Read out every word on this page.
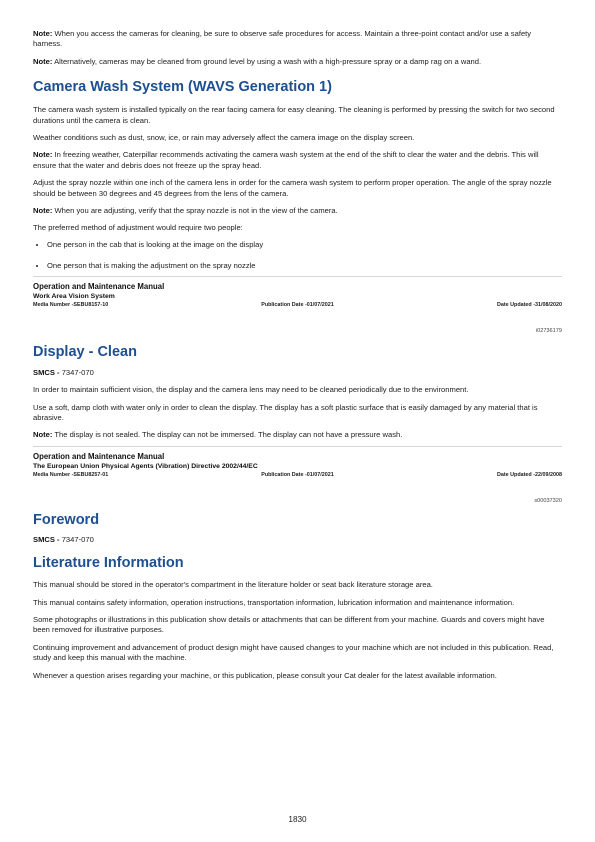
Note: When you access the cameras for cleaning, be sure to observe safe procedures for access. Maintain a three-point contact and/or use a safety harness.

Note: Alternatively, cameras may be cleaned from ground level by using a wash with a high-pressure spray or a damp rag on a wand.

Camera Wash System (WAVS Generation 1)

The camera wash system is installed typically on the rear facing camera for easy cleaning. The cleaning is performed by pressing the switch for two second durations until the camera is clean.

Weather conditions such as dust, snow, ice, or rain may adversely affect the camera image on the display screen.

Note: In freezing weather, Caterpillar recommends activating the camera wash system at the end of the shift to clear the water and the debris. This will ensure that the water and debris does not freeze up the spray head.

Adjust the spray nozzle within one inch of the camera lens in order for the camera wash system to perform proper operation. The angle of the spray nozzle should be between 30 degrees and 45 degrees from the lens of the camera.

Note: When you are adjusting, verify that the spray nozzle is not in the view of the camera.

The preferred method of adjustment would require two people:

• One person in the cab that is looking at the image on the display
• One person that is making the adjustment on the spray nozzle
Operation and Maintenance Manual
Work Area Vision System
Media Number -SEBU8157-10	Publication Date -01/07/2021	Date Updated -31/08/2020
i02736179
Display - Clean

SMCS - 7347-070

In order to maintain sufficient vision, the display and the camera lens may need to be cleaned periodically due to the environment.

Use a soft, damp cloth with water only in order to clean the display. The display has a soft plastic surface that is easily damaged by any material that is abrasive.

Note: The display is not sealed. The display can not be immersed. The display can not have a pressure wash.

Operation and Maintenance Manual
The European Union Physical Agents (Vibration) Directive 2002/44/EC
Media Number -SEBU8257-01	Publication Date -01/07/2021	Date Updated -22/09/2008
s00037320
Foreword

SMCS - 7347-070

Literature Information

This manual should be stored in the operator's compartment in the literature holder or seat back literature storage area.

This manual contains safety information, operation instructions, transportation information, lubrication information and maintenance information.

Some photographs or illustrations in this publication show details or attachments that can be different from your machine. Guards and covers might have been removed for illustrative purposes.

Continuing improvement and advancement of product design might have caused changes to your machine which are not included in this publication. Read, study and keep this manual with the machine.

Whenever a question arises regarding your machine, or this publication, please consult your Cat dealer for the latest available information.

1830
